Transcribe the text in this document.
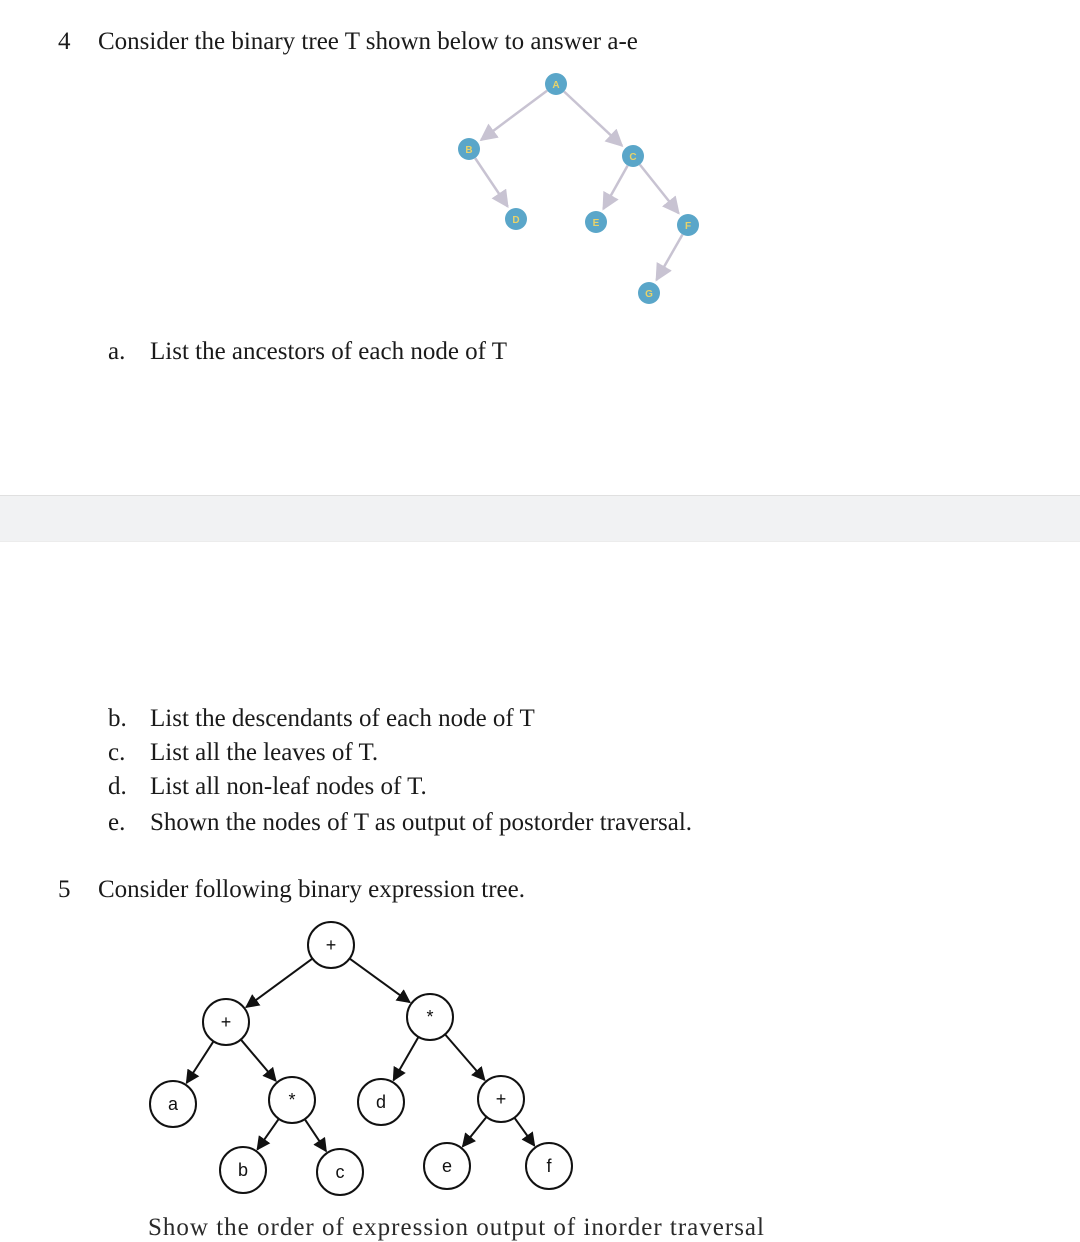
4 Consider the binary tree T shown below to answer a-e
A
B
C
D	E	F
G
a. List the ancestors of each node of T
b. List the descendants of each node of T
c. List all the leaves of T.
d. List all non-leaf nodes of T.
e. Shown the nodes of T as output of postorder traversal.
5 Consider following binary expression tree.
+
+	*
a	*	d	+
b	c	e	f
Show the order of expression output of inorder traversal
